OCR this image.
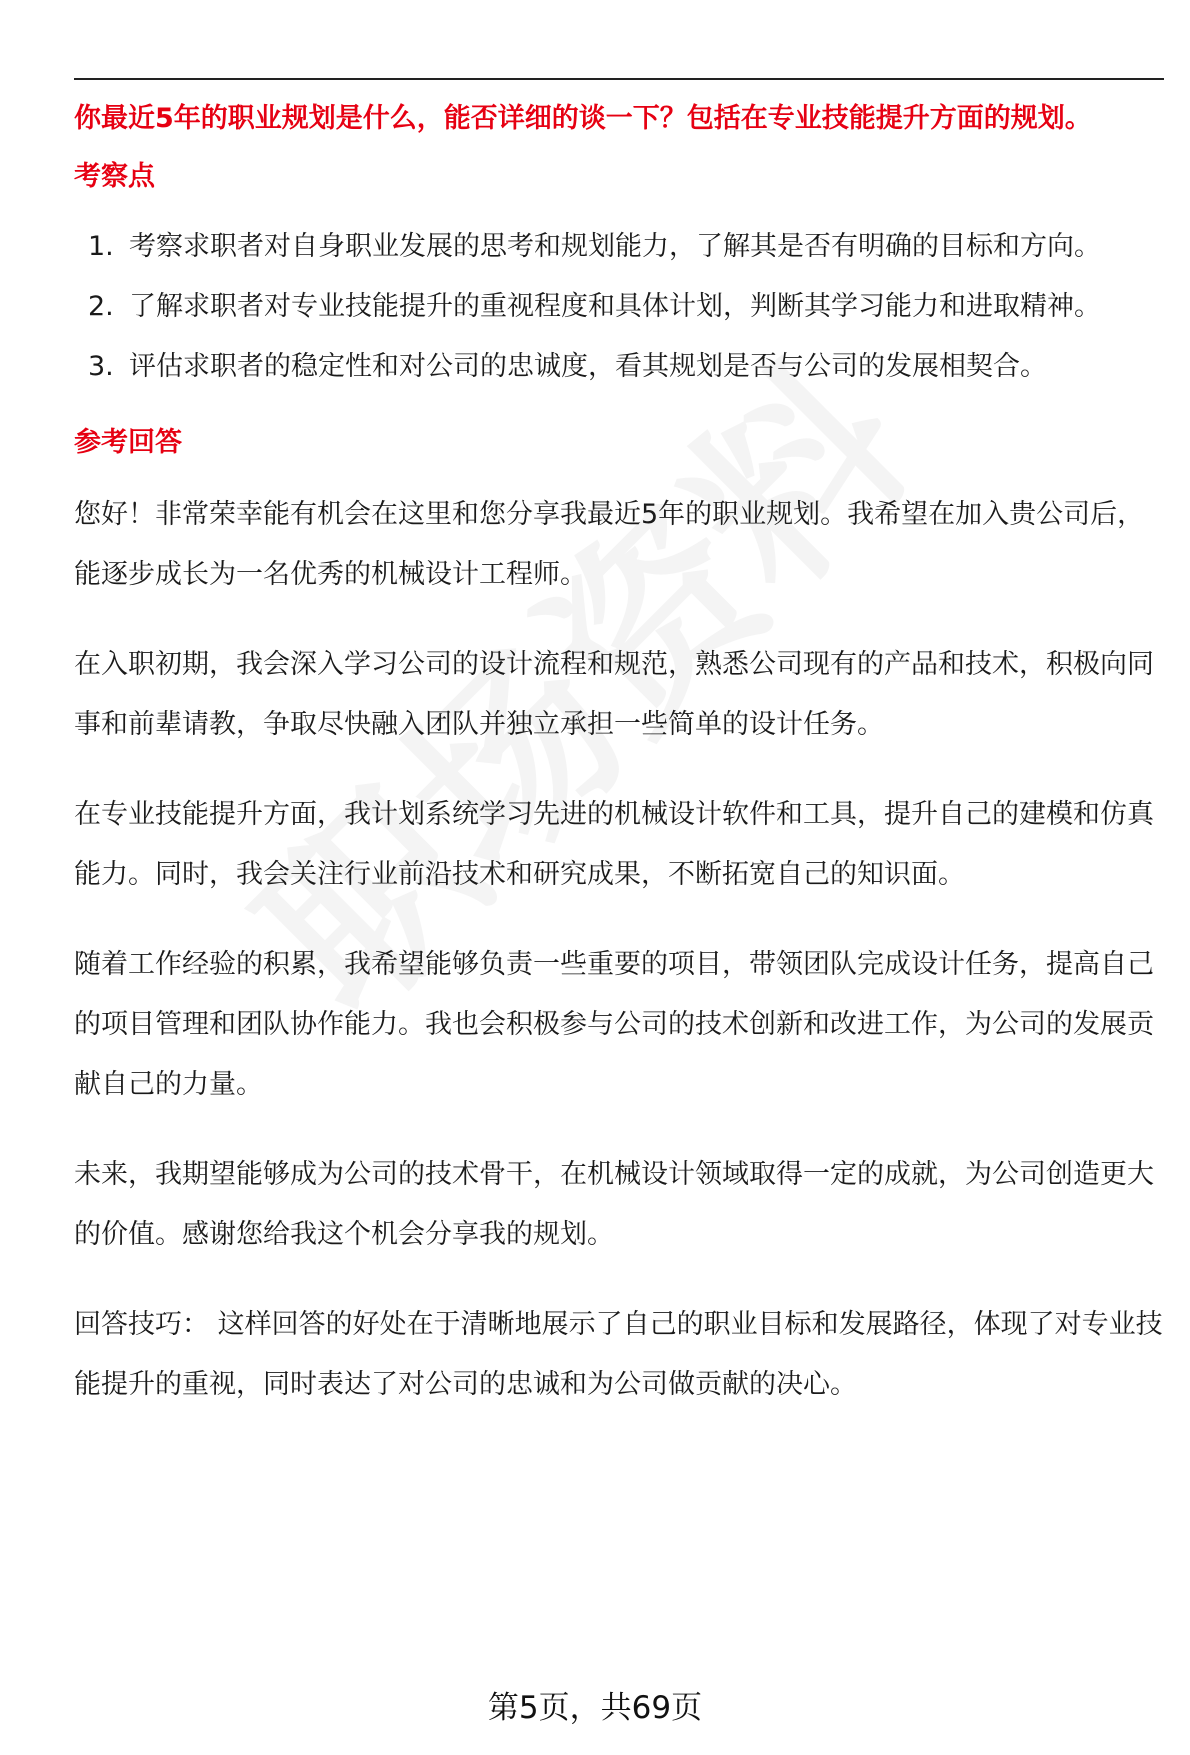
你最近5年的职业规划是什么，能否详细的谈一下？包括在专业技能提升方面的规划。
考察点
1. 考察求职者对自身职业发展的思考和规划能力，了解其是否有明确的目标和方向。
2. 了解求职者对专业技能提升的重视程度和具体计划，判断其学习能力和进取精神。
3. 评估求职者的稳定性和对公司的忠诚度，看其规划是否与公司的发展相契合。
参考回答

您好！非常荣幸能有机会在这里和您分享我最近5年的职业规划。我希望在加入贵公司后，能逐步成长为一名优秀的机械设计工程师。

在入职初期，我会深入学习公司的设计流程和规范，熟悉公司现有的产品和技术，积极向同事和前辈请教，争取尽快融入团队并独立承担一些简单的设计任务。

在专业技能提升方面，我计划系统学习先进的机械设计软件和工具，提升自己的建模和仿真能力。同时，我会关注行业前沿技术和研究成果，不断拓宽自己的知识面。

随着工作经验的积累，我希望能够负责一些重要的项目，带领团队完成设计任务，提高自己的项目管理和团队协作能力。我也会积极参与公司的技术创新和改进工作，为公司的发展贡献自己的力量。

未来，我期望能够成为公司的技术骨干，在机械设计领域取得一定的成就，为公司创造更大的价值。感谢您给我这个机会分享我的规划。

回答技巧： 这样回答的好处在于清晰地展示了自己的职业目标和发展路径，体现了对专业技能提升的重视，同时表达了对公司的忠诚和为公司做贡献的决心。

第5页，共69页
